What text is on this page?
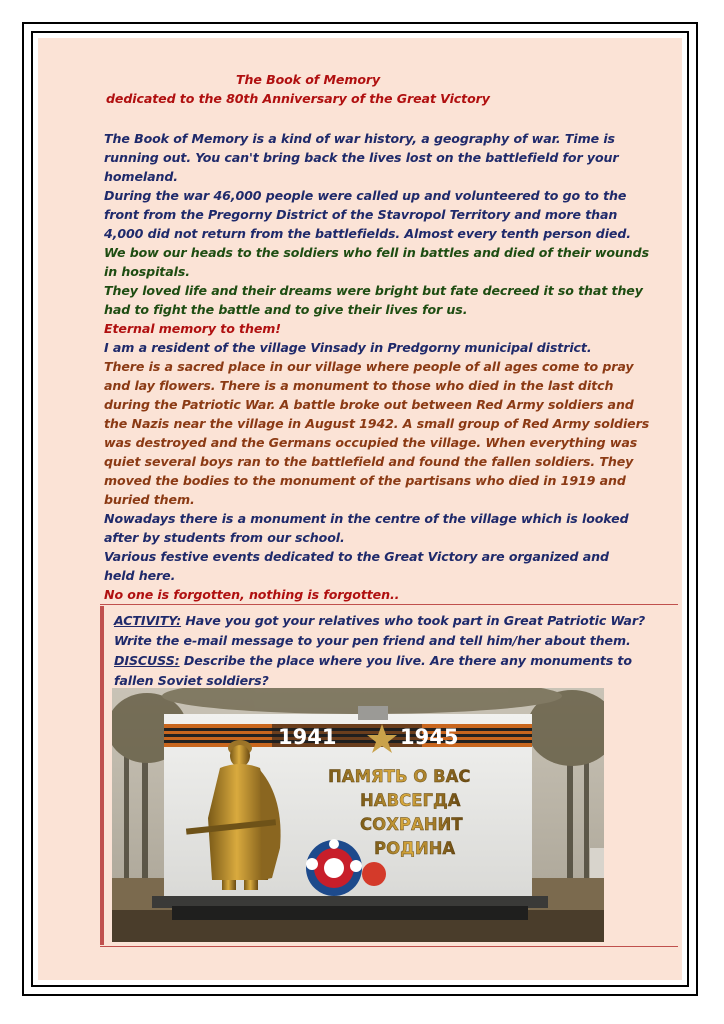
The Book of Memory
dedicated to the 80th Anniversary of the Great Victory
The Book of Memory is a kind of war history, a geography of war. Time is
running out. You can't bring back the lives lost on the battlefield for your
homeland.
During the war 46,000 people were called up and volunteered to go to the
front from the Pregorny District of the Stavropol Territory and more than
4,000 did not return from the battlefields. Almost every tenth person died.
We bow our heads to the soldiers who fell in battles and died of their wounds
in hospitals.
They loved life and their dreams were bright but fate decreed it so that they
had to fight the battle and to give their lives for us.
Eternal memory to them!
I am a resident of the village Vinsady in Predgorny municipal district.
There is a sacred place in our village where people of all ages come to pray
and lay flowers. There is a monument to those who died in the last ditch
during the Patriotic War. A battle broke out between Red Army soldiers and
the Nazis near the village in August 1942. A small group of Red Army soldiers
was destroyed and the Germans occupied the village. When everything was
quiet several boys ran to the battlefield and found the fallen soldiers. They
moved the bodies to the monument of the partisans who died in 1919 and
buried them.
Nowadays there is a monument in the centre of the village which is looked
after by students from our school.
Various festive events dedicated to the Great Victory are organized and
held here.
No one is forgotten, nothing is forgotten..
ACTIVITY: Have you got your relatives who took part in Great Patriotic War?
Write the e-mail message to your pen friend and tell him/her about them.
DISCUSS: Describe the place where you live. Are there any monuments to
fallen Soviet soldiers?
1941	1945
ПАМЯТЬ О ВАС
НАВСЕГДА
СОХРАНИТ
РОДИНА
